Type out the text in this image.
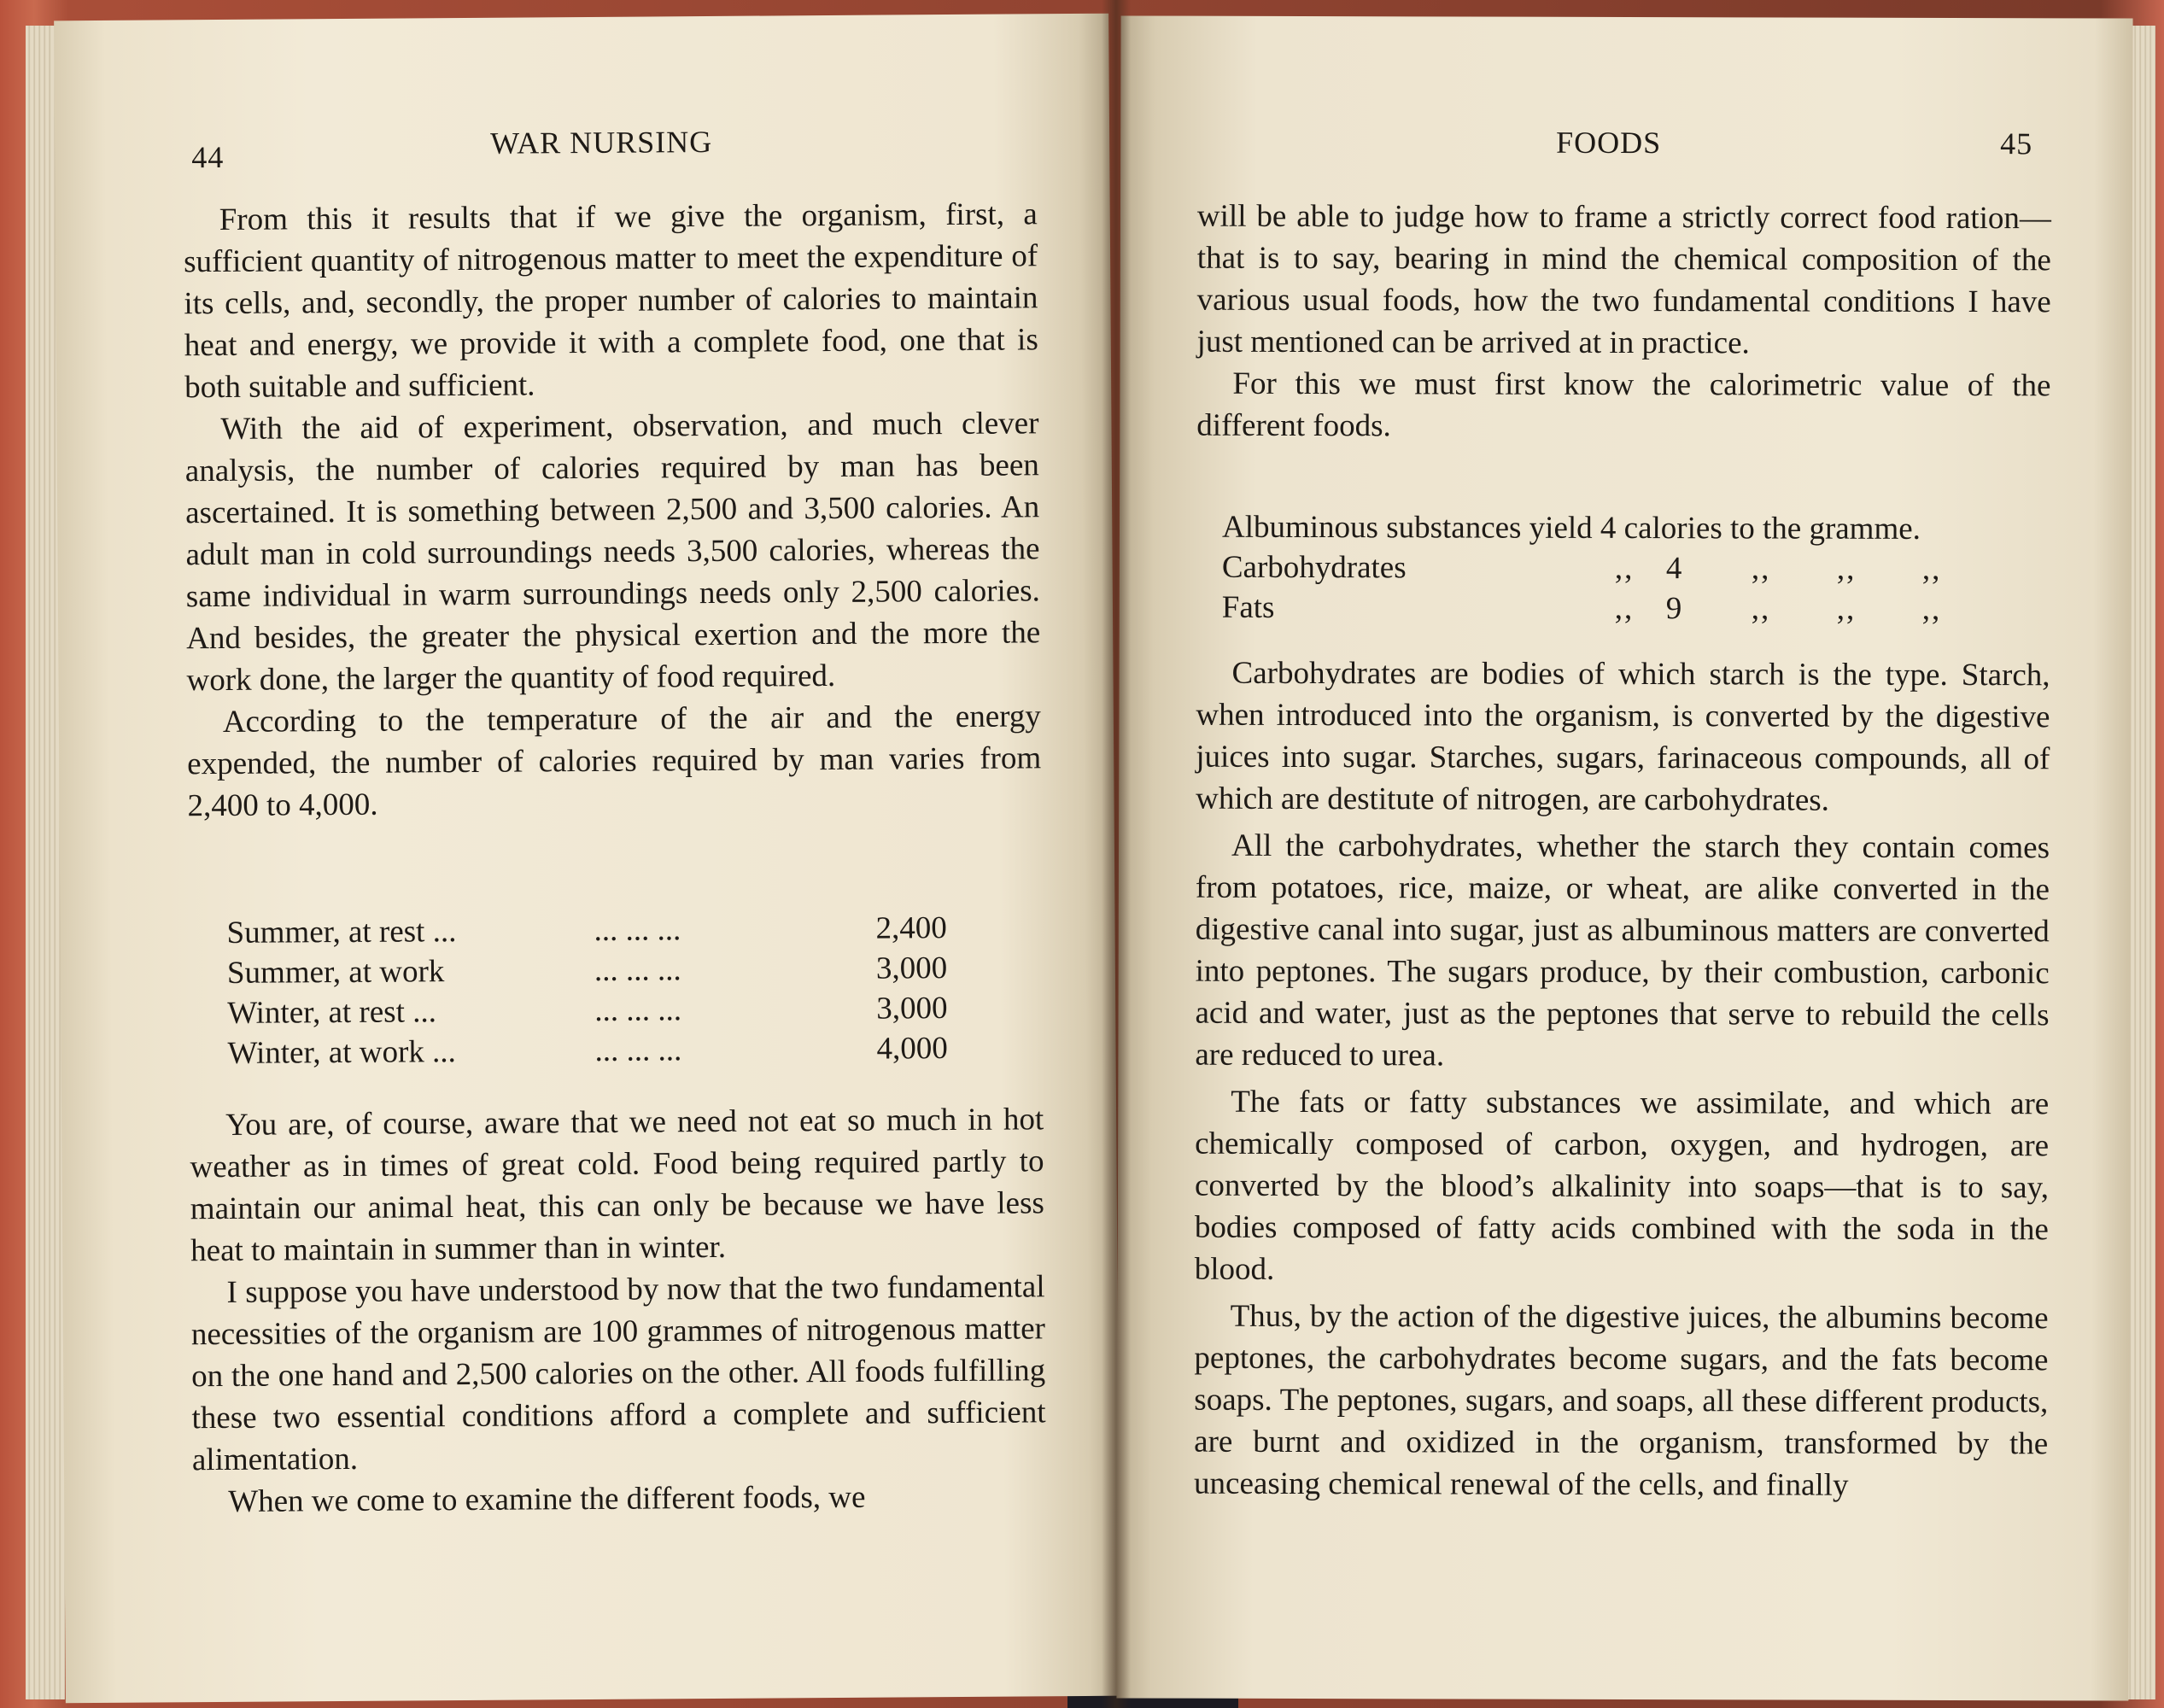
44	WAR NURSING

From this it results that if we give the organism, first, a sufficient quantity of nitrogenous matter to meet the expenditure of its cells, and, secondly, the proper number of calories to maintain heat and energy, we provide it with a complete food, one that is both suitable and sufficient.

With the aid of experiment, observation, and much clever analysis, the number of calories required by man has been ascertained. It is something between 2,500 and 3,500 calories. An adult man in cold surroundings needs 3,500 calories, whereas the same individual in warm surroundings needs only 2,500 calories. And besides, the greater the physical exertion and the more the work done, the larger the quantity of food required.

According to the temperature of the air and the energy expended, the number of calories required by man varies from 2,400 to 4,000.

Summer, at rest ...	... ... ...	2,400
Summer, at work	... ... ...	3,000
Winter, at rest ...	... ... ...	3,000
Winter, at work ...	... ... ...	4,000

You are, of course, aware that we need not eat so much in hot weather as in times of great cold. Food being required partly to maintain our animal heat, this can only be because we have less heat to maintain in summer than in winter.

I suppose you have understood by now that the two fundamental necessities of the organism are 100 grammes of nitrogenous matter on the one hand and 2,500 calories on the other. All foods fulfilling these two essential conditions afford a complete and sufficient alimentation.

When we come to examine the different foods, we

FOODS	45

will be able to judge how to frame a strictly correct food ration—that is to say, bearing in mind the chemical composition of the various usual foods, how the two fundamental conditions I have just mentioned can be arrived at in practice.

For this we must first know the calorimetric value of the different foods.

Albuminous substances yield 4 calories to the gramme.
Carbohydrates	,,	4	,,	,,	,,
Fats	,,	9	,,	,,	,,

Carbohydrates are bodies of which starch is the type. Starch, when introduced into the organism, is converted by the digestive juices into sugar. Starches, sugars, farinaceous compounds, all of which are destitute of nitrogen, are carbohydrates.

All the carbohydrates, whether the starch they contain comes from potatoes, rice, maize, or wheat, are alike converted in the digestive canal into sugar, just as albuminous matters are converted into peptones. The sugars produce, by their combustion, carbonic acid and water, just as the peptones that serve to rebuild the cells are reduced to urea.

The fats or fatty substances we assimilate, and which are chemically composed of carbon, oxygen, and hydrogen, are converted by the blood’s alkalinity into soaps—that is to say, bodies composed of fatty acids combined with the soda in the blood.

Thus, by the action of the digestive juices, the albumins become peptones, the carbohydrates become sugars, and the fats become soaps. The peptones, sugars, and soaps, all these different products, are burnt and oxidized in the organism, transformed by the unceasing chemical renewal of the cells, and finally
